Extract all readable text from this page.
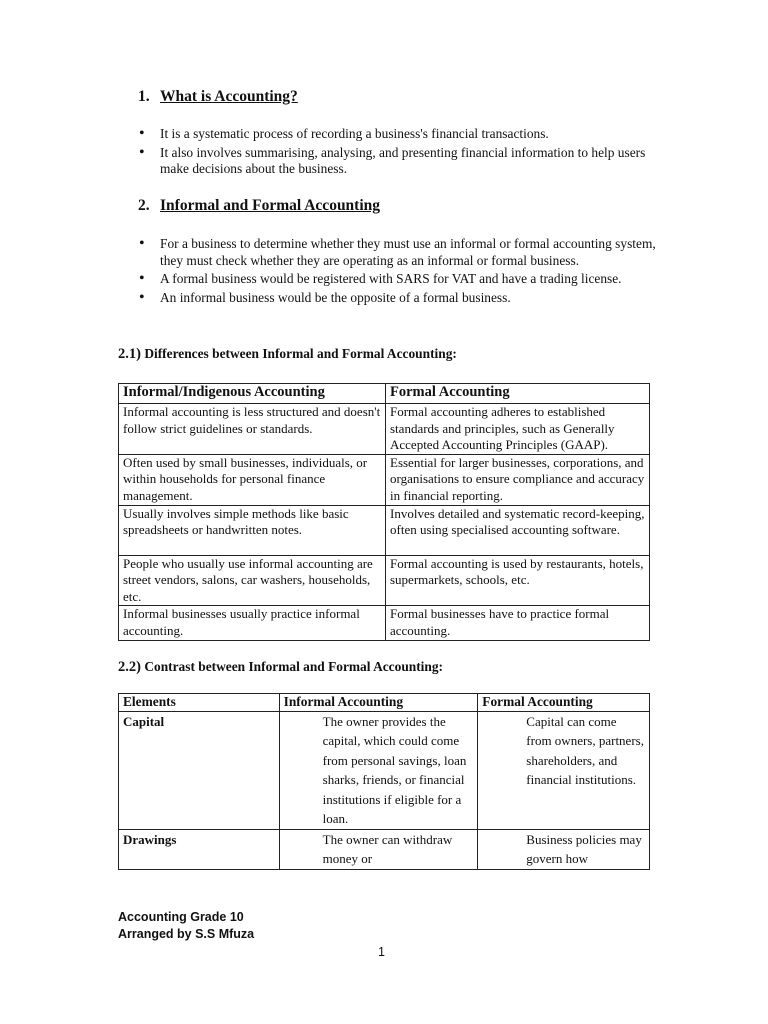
1. What is Accounting?
• It is a systematic process of recording a business's financial transactions.
• It also involves summarising, analysing, and presenting financial information to help users make decisions about the business.
2. Informal and Formal Accounting
• For a business to determine whether they must use an informal or formal accounting system, they must check whether they are operating as an informal or formal business.
• A formal business would be registered with SARS for VAT and have a trading license.
• An informal business would be the opposite of a formal business.
2.1) Differences between Informal and Formal Accounting:
Informal/Indigenous Accounting	Formal Accounting
Informal accounting is less structured and doesn't follow strict guidelines or standards.	Formal accounting adheres to established standards and principles, such as Generally Accepted Accounting Principles (GAAP).
Often used by small businesses, individuals, or within households for personal finance management.	Essential for larger businesses, corporations, and organisations to ensure compliance and accuracy in financial reporting.
Usually involves simple methods like basic spreadsheets or handwritten notes.	Involves detailed and systematic record-keeping, often using specialised accounting software.
People who usually use informal accounting are street vendors, salons, car washers, households, etc.	Formal accounting is used by restaurants, hotels, supermarkets, schools, etc.
Informal businesses usually practice informal accounting.	Formal businesses have to practice formal accounting.
2.2) Contrast between Informal and Formal Accounting:
Elements	Informal Accounting	Formal Accounting
Capital	The owner provides the capital, which could come from personal savings, loan sharks, friends, or financial institutions if eligible for a loan.	Capital can come from owners, partners, shareholders, and financial institutions.
Drawings	The owner can withdraw money or	Business policies may govern how
Accounting Grade 10
Arranged by S.S Mfuza
1
